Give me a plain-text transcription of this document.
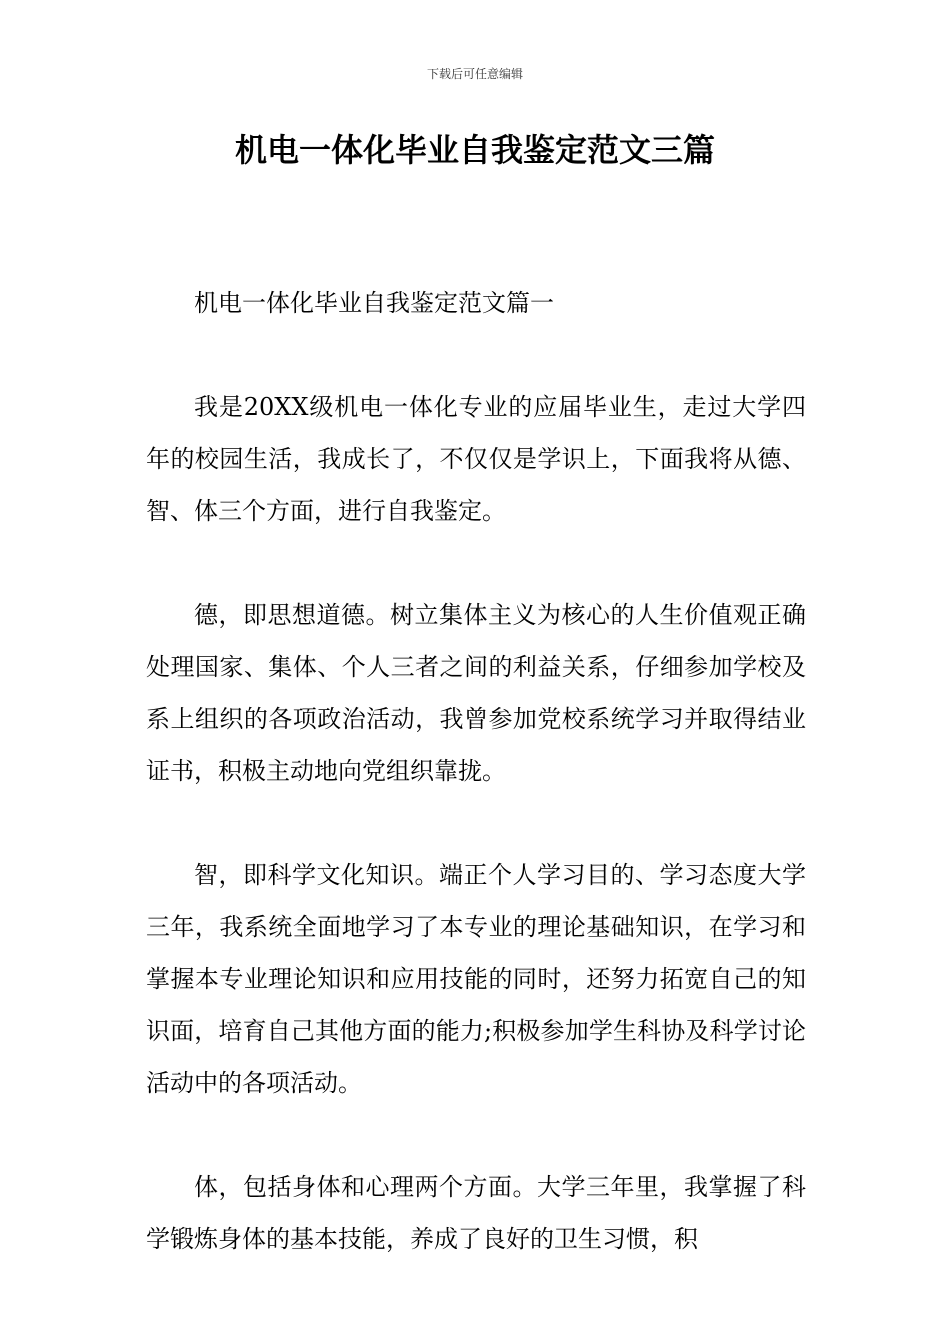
下载后可任意编辑
机电一体化毕业自我鉴定范文三篇

机电一体化毕业自我鉴定范文篇一

我是20XX级机电一体化专业的应届毕业生，走过大学四年的校园生活，我成长了，不仅仅是学识上，下面我将从德、智、体三个方面，进行自我鉴定。

德，即思想道德。树立集体主义为核心的人生价值观正确处理国家、集体、个人三者之间的利益关系，仔细参加学校及系上组织的各项政治活动，我曾参加党校系统学习并取得结业证书，积极主动地向党组织靠拢。

智，即科学文化知识。端正个人学习目的、学习态度大学三年，我系统全面地学习了本专业的理论基础知识，在学习和掌握本专业理论知识和应用技能的同时，还努力拓宽自己的知识面，培育自己其他方面的能力;积极参加学生科协及科学讨论活动中的各项活动。

体，包括身体和心理两个方面。大学三年里，我掌握了科学锻炼身体的基本技能，养成了良好的卫生习惯，积
